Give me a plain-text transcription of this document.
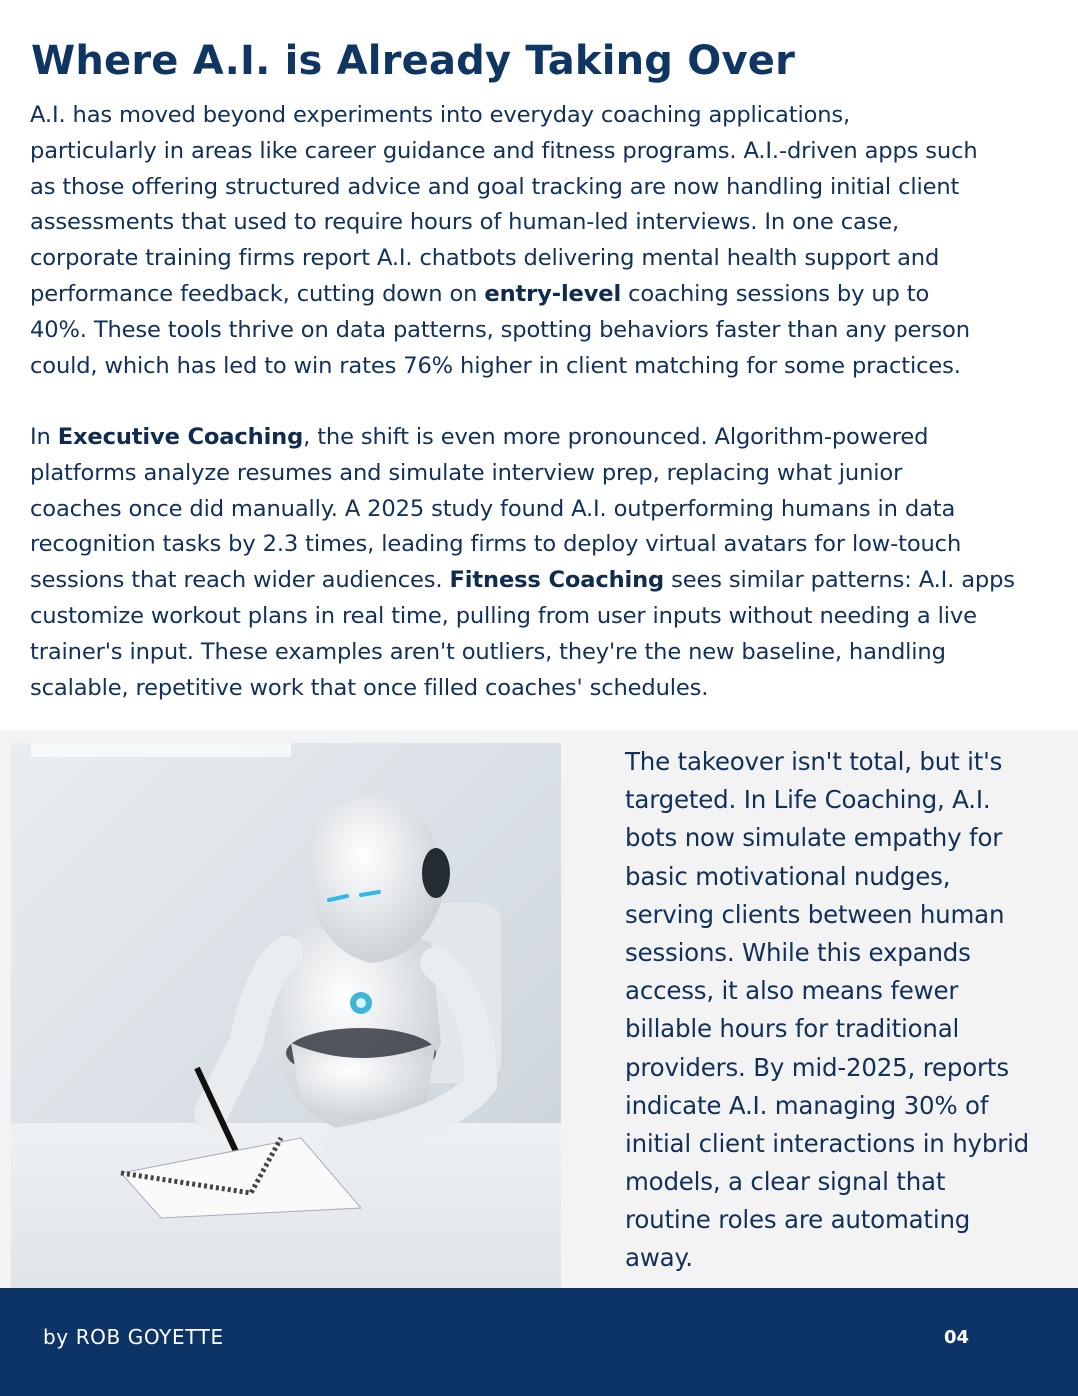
Where A.I. is Already Taking Over
A.I. has moved beyond experiments into everyday coaching applications,
particularly in areas like career guidance and fitness programs. A.I.-driven apps such
as those offering structured advice and goal tracking are now handling initial client
assessments that used to require hours of human-led interviews. In one case,
corporate training firms report A.I. chatbots delivering mental health support and
performance feedback, cutting down on entry-level coaching sessions by up to
40%. These tools thrive on data patterns, spotting behaviors faster than any person
could, which has led to win rates 76% higher in client matching for some practices.
In Executive Coaching, the shift is even more pronounced. Algorithm-powered
platforms analyze resumes and simulate interview prep, replacing what junior
coaches once did manually. A 2025 study found A.I. outperforming humans in data
recognition tasks by 2.3 times, leading firms to deploy virtual avatars for low-touch
sessions that reach wider audiences. Fitness Coaching sees similar patterns: A.I. apps
customize workout plans in real time, pulling from user inputs without needing a live
trainer's input. These examples aren't outliers, they're the new baseline, handling
scalable, repetitive work that once filled coaches' schedules.
The takeover isn't total, but it's
targeted. In Life Coaching, A.I.
bots now simulate empathy for
basic motivational nudges,
serving clients between human
sessions. While this expands
access, it also means fewer
billable hours for traditional
providers. By mid-2025, reports
indicate A.I. managing 30% of
initial client interactions in hybrid
models, a clear signal that
routine roles are automating
away.
by ROB GOYETTE	04
